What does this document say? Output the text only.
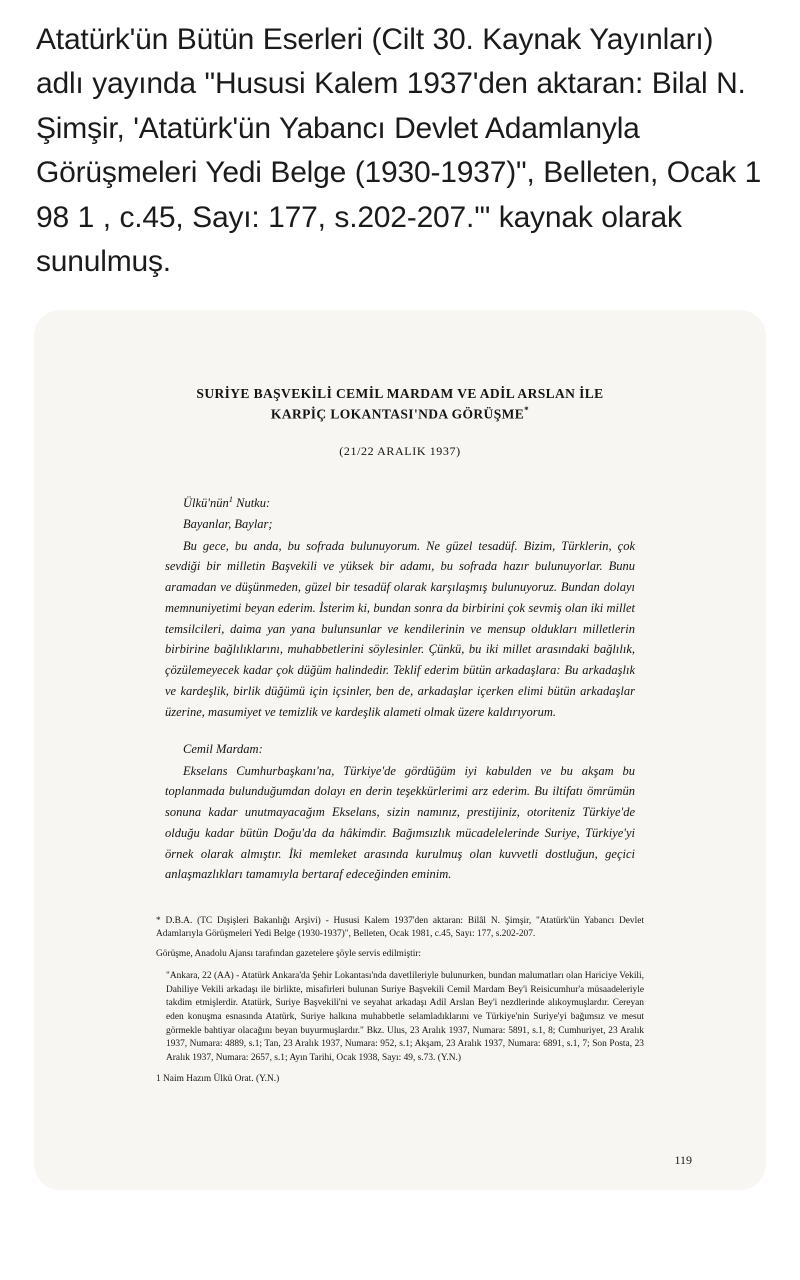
Atatürk'ün Bütün Eserleri (Cilt 30. Kaynak Yayınları) adlı yayında "Hususi Kalem 1937'den aktaran: Bilal N. Şimşir, 'Atatürk'ün Yabancı Devlet Adamlanyla Görüşmeleri Yedi Belge (1930-1937)", Belleten, Ocak 1 98 1 , c.45, Sayı: 177, s.202-207.'" kaynak olarak sunulmuş.
SURİYE BAŞVEKİLİ CEMİL MARDAM VE ADİL ARSLAN İLE
KARPİÇ LOKANTASI'NDA GÖRÜŞME*
(21/22 ARALIK 1937)
Ülkü'nün$^1$ Nutku:
Bayanlar, Baylar;

Bu gece, bu anda, bu sofrada bulunuyorum. Ne güzel tesadüf. Bizim, Türklerin, çok sevdiği bir milletin Başvekili ve yüksek bir adamı, bu sofrada hazır bulunuyorlar. Bunu aramadan ve düşünmeden, güzel bir tesadüf olarak karşılaşmış bulunuyoruz. Bundan dolayı memnuniyetimi beyan ederim. İsterim ki, bundan sonra da birbirini çok sevmiş olan iki millet temsilcileri, daima yan yana bulunsunlar ve kendilerinin ve mensup oldukları milletlerin birbirine bağlılıklarını, muhabbetlerini söylesinler. Çünkü, bu iki millet arasındaki bağlılık, çözülemeyecek kadar çok düğüm halindedir. Teklif ederim bütün arkadaşlara: Bu arkadaşlık ve kardeşlik, birlik düğümü için içsinler, ben de, arkadaşlar içerken elimi bütün arkadaşlar üzerine, masumiyet ve temizlik ve kardeşlik alameti olmak üzere kaldırıyorum.

Cemil Mardam:

Ekselans Cumhurbaşkanı'na, Türkiye'de gördüğüm iyi kabulden ve bu akşam bu toplanmada bulunduğumdan dolayı en derin teşekkürlerimi arz ederim. Bu iltifatı ömrümün sonuna kadar unutmayacağım Ekselans, sizin namınız, prestijiniz, otoriteniz Türkiye'de olduğu kadar bütün Doğu'da da hâkimdir. Bağımsızlık mücadelelerinde Suriye, Türkiye'yi örnek olarak almıştır. İki memleket arasında kurulmuş olan kuvvetli dostluğun, geçici anlaşmazlıkları tamamıyla bertaraf edeceğinden eminim.

* D.B.A. (TC Dışişleri Bakanlığı Arşivi) - Hususi Kalem 1937'den aktaran: Bilâl N. Şimşir, "Atatürk'ün Yabancı Devlet Adamlarıyla Görüşmeleri Yedi Belge (1930-1937)", Belleten, Ocak 1981, c.45, Sayı: 177, s.202-207.

Görüşme, Anadolu Ajansı tarafından gazetelere şöyle servis edilmiştir:

"Ankara, 22 (AA) - Atatürk Ankara'da Şehir Lokantası'nda davetlileriyle bulunurken, bundan malumatları olan Hariciye Vekili, Dahiliye Vekili arkadaşı ile birlikte, misafirleri bulunan Suriye Başvekili Cemil Mardam Bey'i Reisicumhur'a müsaadeleriyle takdim etmişlerdir. Atatürk, Suriye Başvekili'ni ve seyahat arkadaşı Adil Arslan Bey'i nezdlerinde alıkoymuşlardır. Cereyan eden konuşma esnasında Atatürk, Suriye halkına muhabbetle selamladıklarını ve Türkiye'nin Suriye'yi bağımsız ve mesut görmekle bahtiyar olacağını beyan buyurmuşlardır." Bkz. Ulus, 23 Aralık 1937, Numara: 5891, s.1, 8; Cumhuriyet, 23 Aralık 1937, Numara: 4889, s.1; Tan, 23 Aralık 1937, Numara: 952, s.1; Akşam, 23 Aralık 1937, Numara: 6891, s.1, 7; Son Posta, 23 Aralık 1937, Numara: 2657, s.1; Ayın Tarihi, Ocak 1938, Sayı: 49, s.73. (Y.N.)

1 Naim Hazım Ülkü Orat. (Y.N.)

119
